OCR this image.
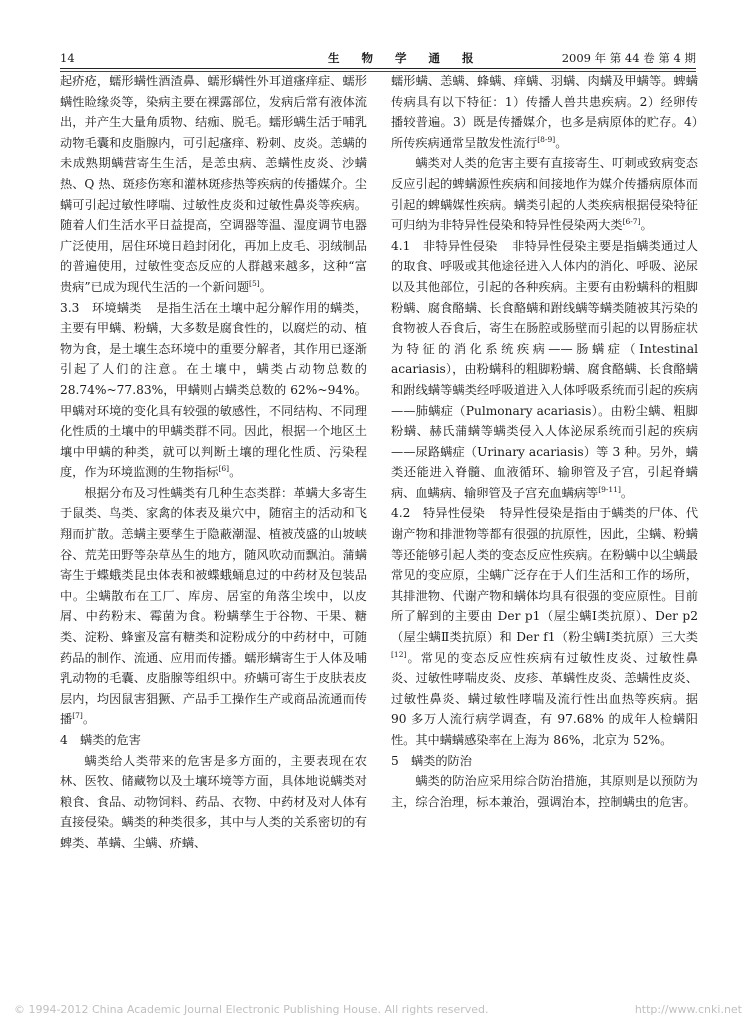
14	生 物 学 通 报	2009 年 第 44 卷 第 4 期

起疥疮，蠕形螨性酒渣鼻、蠕形螨性外耳道瘙痒症、蠕形螨性睑缘炎等，染病主要在裸露部位，发病后常有液体流出，并产生大量角质物、结痂、脱毛。蠕形螨生活于哺乳动物毛囊和皮脂腺内，可引起瘙痒、粉刺、皮炎。恙螨的未成熟期螨营寄生生活，是恙虫病、恙螨性皮炎、沙螨热、Q 热、斑疹伤寒和灌林斑疹热等疾病的传播媒介。尘螨可引起过敏性哮喘、过敏性皮炎和过敏性鼻炎等疾病。随着人们生活水平日益提高，空调器等温、湿度调节电器广泛使用，居住环境日趋封闭化，再加上皮毛、羽绒制品的普遍使用，过敏性变态反应的人群越来越多，这种“富贵病”已成为现代生活的一个新问题[5]。

3.3　环境螨类 是指生活在土壤中起分解作用的螨类，主要有甲螨、粉螨，大多数是腐食性的，以腐烂的动、植物为食，是土壤生态环境中的重要分解者，其作用已逐渐引起了人们的注意。在土壤中，螨类占动物总数的 28.74%~77.83%，甲螨则占螨类总数的 62%~94%。甲螨对环境的变化具有较强的敏感性，不同结构、不同理化性质的土壤中的甲螨类群不同。因此，根据一个地区土壤中甲螨的种类，就可以判断土壤的理化性质、污染程度，作为环境监测的生物指标[6]。

根据分布及习性螨类有几种生态类群：革螨大多寄生于鼠类、鸟类、家禽的体表及巢穴中，随宿主的活动和飞翔而扩散。恙螨主要孳生于隐蔽潮湿、植被茂盛的山坡峡谷、荒芜田野等杂草丛生的地方，随风吹动而飘泊。蒲螨寄生于蝶蛾类昆虫体表和被蝶蛾蛹息过的中药材及包装品中。尘螨散布在工厂、库房、居室的角落尘埃中，以皮屑、中药粉末、霉菌为食。粉螨孳生于谷物、干果、糖类、淀粉、蜂蜜及富有糖类和淀粉成分的中药材中，可随药品的制作、流通、应用而传播。蠕形螨寄生于人体及哺乳动物的毛囊、皮脂腺等组织中。疥螨可寄生于皮肤表皮层内，均因鼠害猖獗、产品手工操作生产或商品流通而传播[7]。

4　螨类的危害

螨类给人类带来的危害是多方面的，主要表现在农林、医牧、储藏物以及土壤环境等方面，具体地说螨类对粮食、食品、动物饲料、药品、衣物、中药材及对人体有直接侵染。螨类的种类很多，其中与人类的关系密切的有蜱类、革螨、尘螨、疥螨、

蠕形螨、恙螨、蜂螨、痒螨、羽螨、肉螨及甲螨等。蜱螨传病具有以下特征：1）传播人兽共患疾病。2）经卵传播较普遍。3）既是传播媒介，也多是病原体的贮存。4）所传疾病通常呈散发性流行[8-9]。

螨类对人类的危害主要有直接寄生、叮刺或致病变态反应引起的蜱螨源性疾病和间接地作为媒介传播病原体而引起的蜱螨媒性疾病。螨类引起的人类疾病根据侵染特征可归纳为非特异性侵染和特异性侵染两大类[6-7]。

4.1　非特异性侵染 非特异性侵染主要是指螨类通过人的取食、呼吸或其他途径进入人体内的消化、呼吸、泌尿以及其他部位，引起的各种疾病。主要有由粉螨科的粗脚粉螨、腐食酪螨、长食酪螨和跗线螨等螨类随被其污染的食物被人吞食后，寄生在肠腔或肠壁而引起的以胃肠症状为特征的消化系统疾病——肠螨症（Intestinal acariasis），由粉螨科的粗脚粉螨、腐食酪螨、长食酪螨和跗线螨等螨类经呼吸道进入人体呼吸系统而引起的疾病——肺螨症（Pulmonary acariasis）。由粉尘螨、粗脚粉螨、赫氏蒲螨等螨类侵入人体泌尿系统而引起的疾病——尿路螨症（Urinary acariasis）等 3 种。另外，螨类还能进入脊髓、血液循环、输卵管及子宫，引起脊螨病、血螨病、输卵管及子宫充血螨病等[9-11]。

4.2　特异性侵染 特异性侵染是指由于螨类的尸体、代谢产物和排泄物等都有很强的抗原性，因此，尘螨、粉螨等还能够引起人类的变态反应性疾病。在粉螨中以尘螨最常见的变应原，尘螨广泛存在于人们生活和工作的场所，其排泄物、代谢产物和螨体均具有很强的变应原性。目前所了解到的主要由 Der p1（屋尘螨Ⅰ类抗原）、Der p2（屋尘螨Ⅱ类抗原）和 Der f1（粉尘螨Ⅰ类抗原）三大类[12]。常见的变态反应性疾病有过敏性皮炎、过敏性鼻炎、过敏性哮喘皮炎、皮疹、革螨性皮炎、恙螨性皮炎、过敏性鼻炎、螨过敏性哮喘及流行性出血热等疾病。据 90 多万人流行病学调查，有 97.68% 的成年人检螨阳性。其中螨螨感染率在上海为 86%，北京为 52%。

5　螨类的防治

螨类的防治应采用综合防治措施，其原则是以预防为主，综合治理，标本兼治，强调治本，控制螨虫的危害。

© 1994-2012 China Academic Journal Electronic Publishing House. All rights reserved.	http://www.cnki.net
